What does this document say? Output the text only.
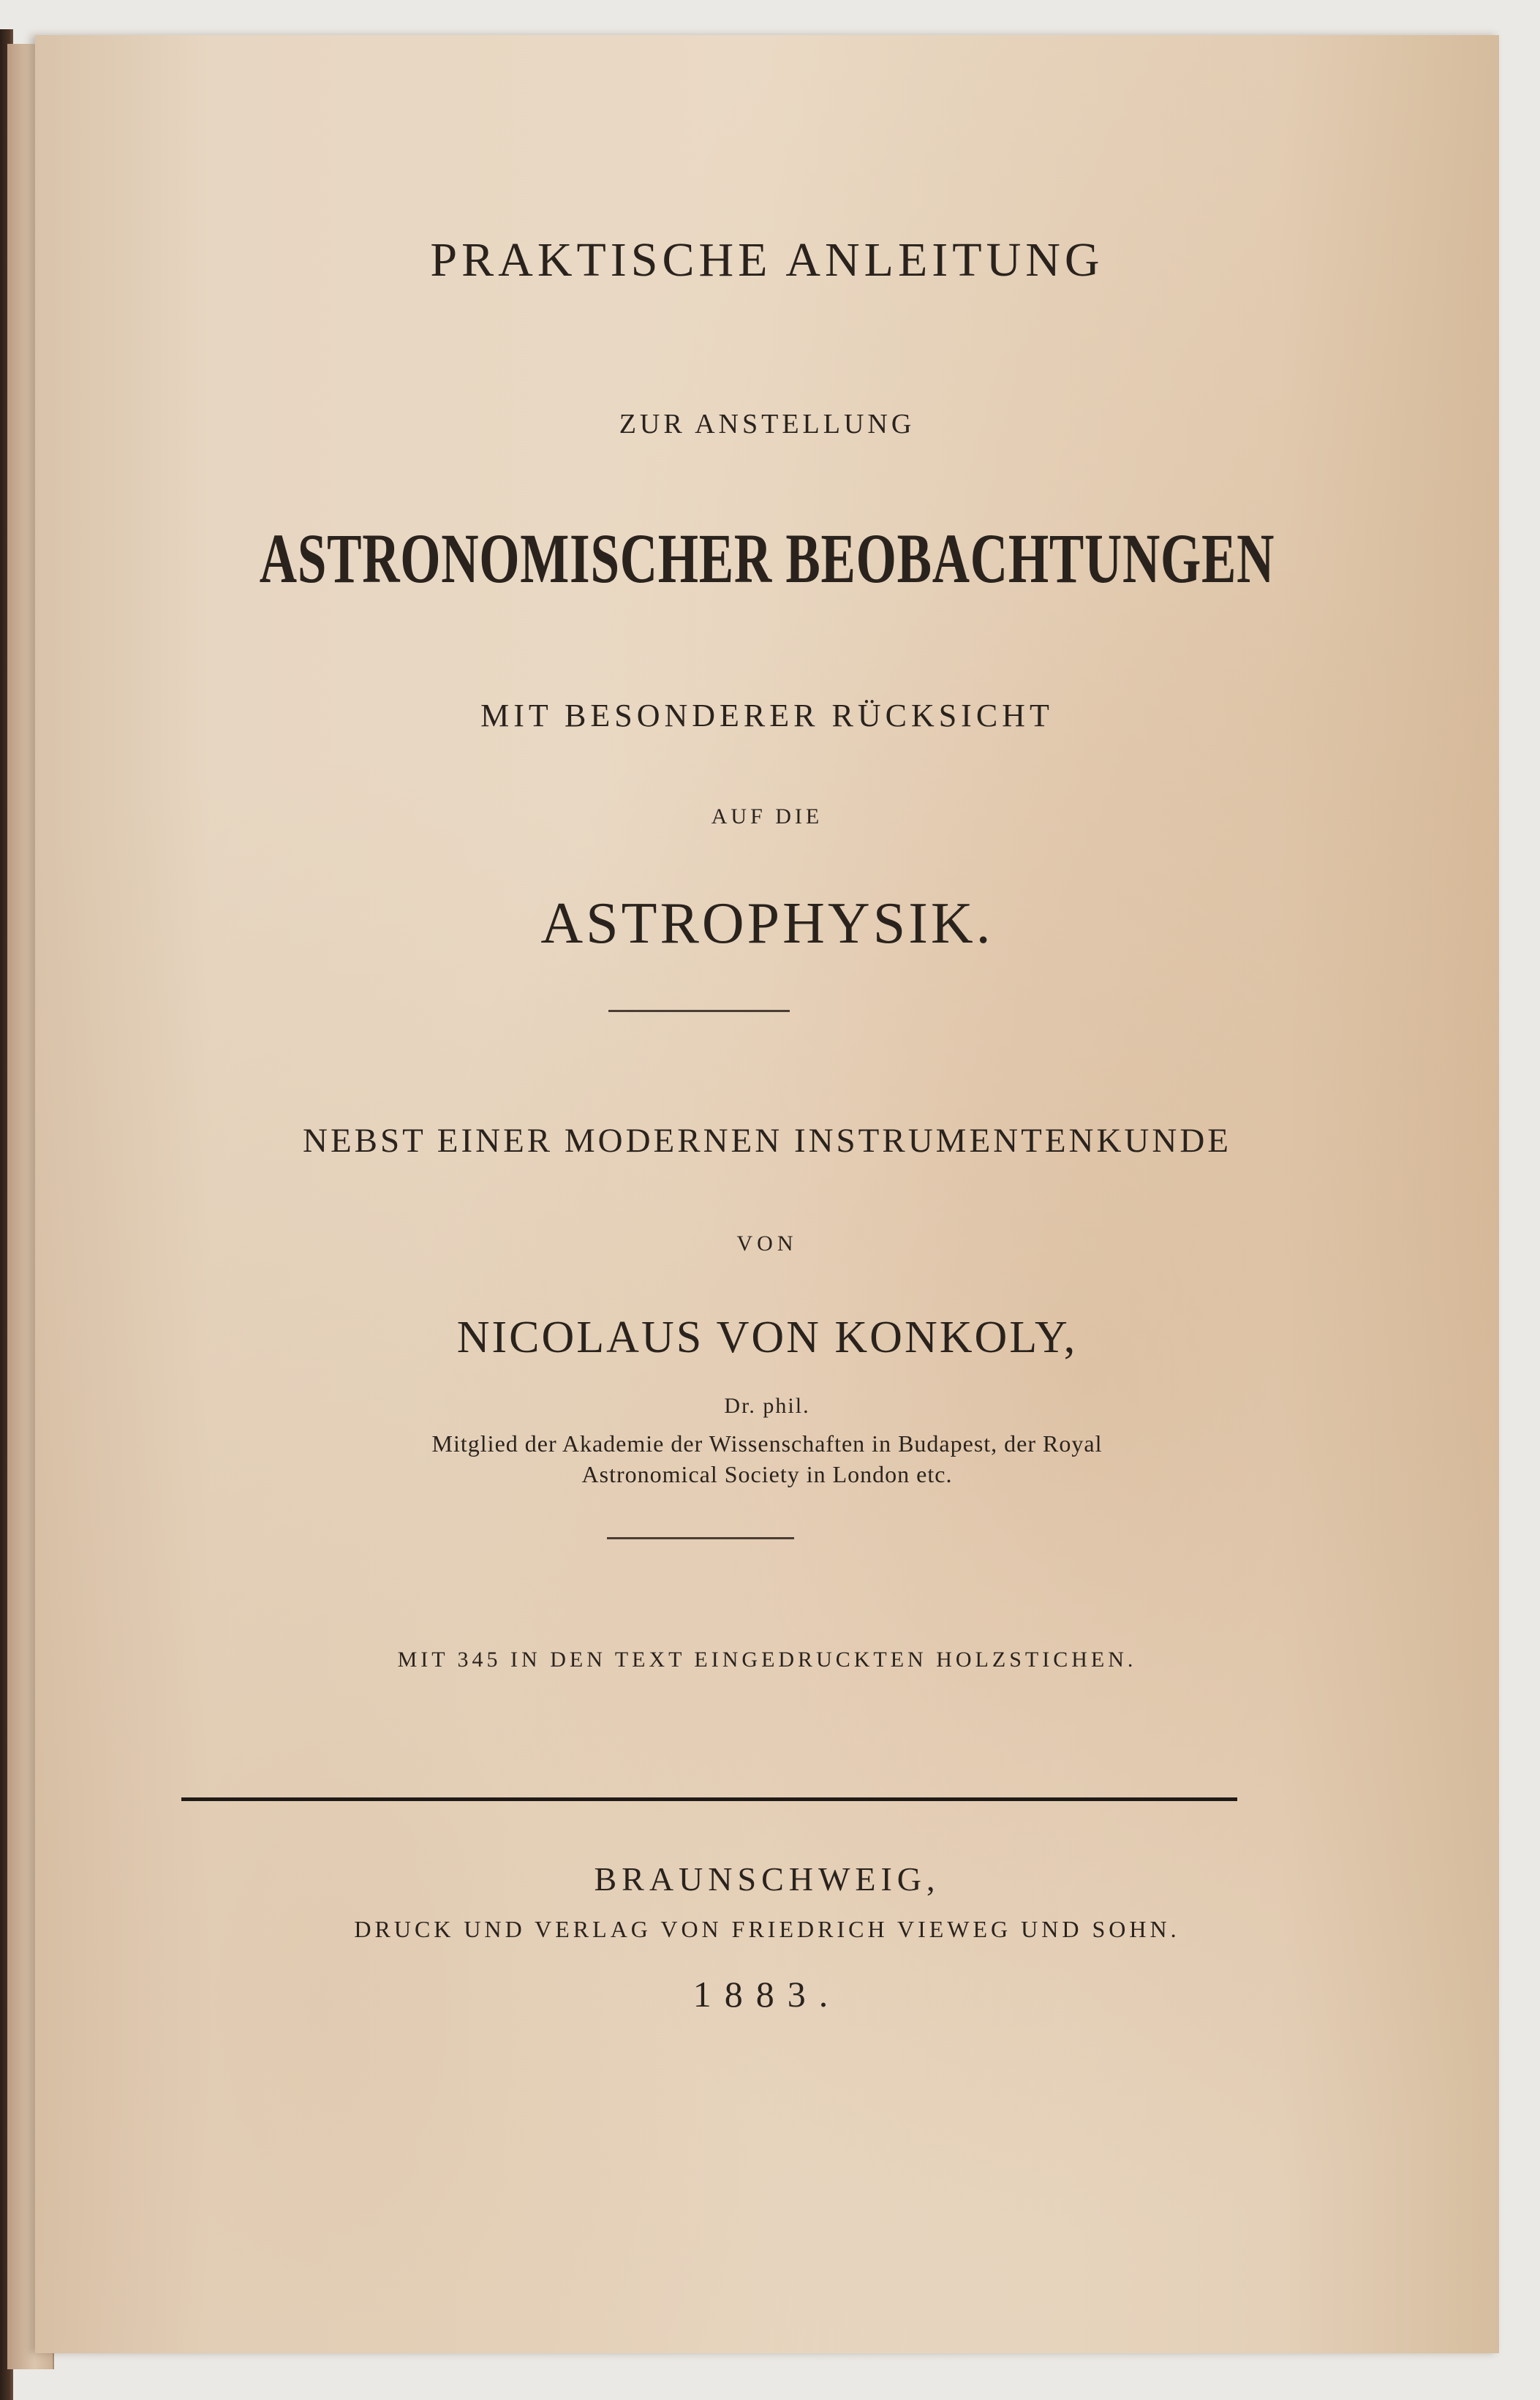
PRAKTISCHE ANLEITUNG

ZUR ANSTELLUNG

ASTRONOMISCHER BEOBACHTUNGEN

MIT BESONDERER RÜCKSICHT

AUF DIE

ASTROPHYSIK.

NEBST EINER MODERNEN INSTRUMENTENKUNDE

VON

NICOLAUS VON KONKOLY,

Dr. phil.

Mitglied der Akademie der Wissenschaften in Budapest, der Royal

Astronomical Society in London etc.

MIT 345 IN DEN TEXT EINGEDRUCKTEN HOLZSTICHEN.

BRAUNSCHWEIG,

DRUCK UND VERLAG VON FRIEDRICH VIEWEG UND SOHN.

1883.
